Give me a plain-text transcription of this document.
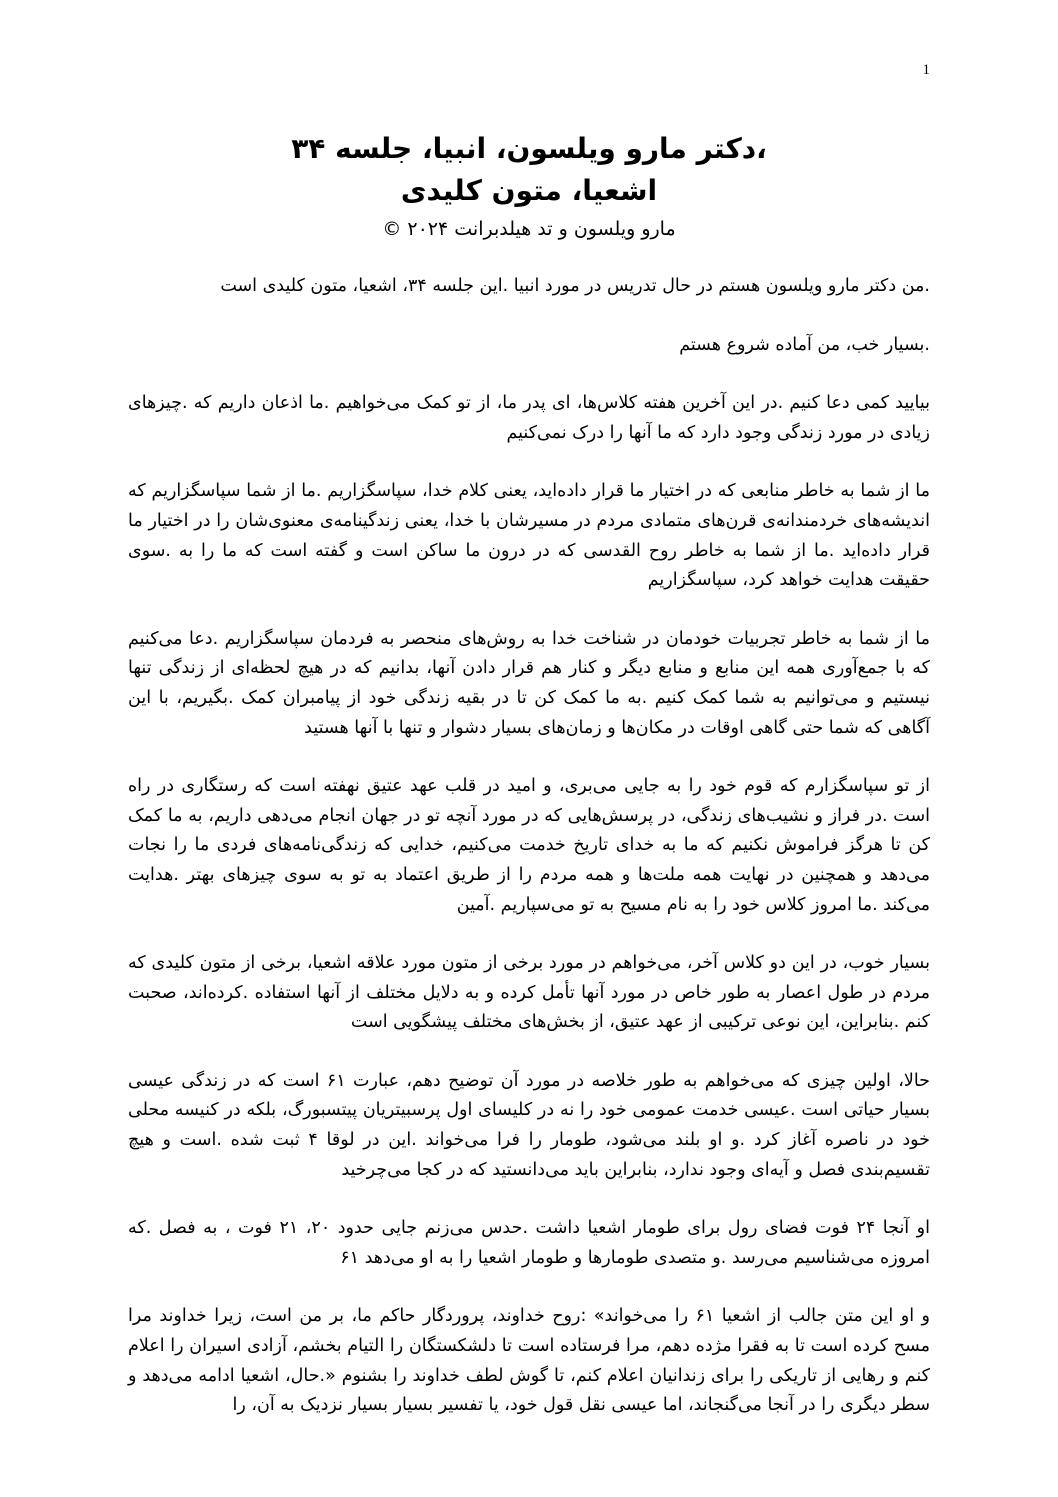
1
،دکتر مارو ویلسون، انبیا، جلسه ۳۴
اشعیا، متون کلیدی
مارو ویلسون و تد هیلدبرانت ۲۰۲۴ ©

.من دکتر مارو ویلسون هستم در حال تدریس در مورد انبیا .این جلسه ۳۴، اشعیا، متون کلیدی است

.بسیار خب، من آماده شروع هستم

بیایید کمی دعا کنیم .در این آخرین هفته کلاس‌ها، ای پدر ما، از تو کمک می‌خواهیم .ما اذعان داریم که .چیزهای زیادی در مورد زندگی وجود دارد که ما آنها را درک نمی‌کنیم

ما از شما به خاطر منابعی که در اختیار ما قرار داده‌اید، یعنی کلام خدا، سپاسگزاریم .ما از شما سپاسگزاریم که اندیشه‌های خردمندانه‌ی قرن‌های متمادی مردم در مسیرشان با خدا، یعنی زندگینامه‌ی معنوی‌شان را در اختیار ما قرار داده‌اید .ما از شما به خاطر روح القدسی که در درون ما ساکن است و گفته است که ما را به .سوی حقیقت هدایت خواهد کرد، سپاسگزاریم

ما از شما به خاطر تجربیات خودمان در شناخت خدا به روش‌های منحصر به فردمان سپاسگزاریم .دعا می‌کنیم که با جمع‌آوری همه این منابع و منابع دیگر و کنار هم قرار دادن آنها، بدانیم که در هیچ لحظه‌ای از زندگی تنها نیستیم و می‌توانیم به شما کمک کنیم .به ما کمک کن تا در بقیه زندگی خود از پیامبران کمک .بگیریم، با این آگاهی که شما حتی گاهی اوقات در مکان‌ها و زمان‌های بسیار دشوار و تنها با آنها هستید

از تو سپاسگزارم که قوم خود را به جایی می‌بری، و امید در قلب عهد عتیق نهفته است که رستگاری در راه است .در فراز و نشیب‌های زندگی، در پرسش‌هایی که در مورد آنچه تو در جهان انجام می‌دهی داریم، به ما کمک کن تا هرگز فراموش نکنیم که ما به خدای تاریخ خدمت می‌کنیم، خدایی که زندگی‌نامه‌های فردی ما را نجات می‌دهد و همچنین در نهایت همه ملت‌ها و همه مردم را از طریق اعتماد به تو به سوی چیزهای بهتر .هدایت می‌کند .ما امروز کلاس خود را به نام مسیح به تو می‌سپاریم .آمین

بسیار خوب، در این دو کلاس آخر، می‌خواهم در مورد برخی از متون مورد علاقه اشعیا، برخی از متون کلیدی که مردم در طول اعصار به طور خاص در مورد آنها تأمل کرده و به دلایل مختلف از آنها استفاده .کرده‌اند، صحبت کنم .بنابراین، این نوعی ترکیبی از عهد عتیق، از بخش‌های مختلف پیشگویی است

حالا، اولین چیزی که می‌خواهم به طور خلاصه در مورد آن توضیح دهم، عبارت ۶۱ است که در زندگی عیسی بسیار حیاتی است .عیسی خدمت عمومی خود را نه در کلیسای اول پرسبیتریان پیتسبورگ، بلکه در کنیسه محلی خود در ناصره آغاز کرد .و او بلند می‌شود، طومار را فرا می‌خواند .این در لوقا ۴ ثبت شده .است و هیچ تقسیم‌بندی فصل و آیه‌ای وجود ندارد، بنابراین باید می‌دانستید که در کجا می‌چرخید

او آنجا ۲۴ فوت فضای رول برای طومار اشعیا داشت .حدس می‌زنم جایی حدود ۲۰، ۲۱ فوت ، به فصل .که امروزه می‌شناسیم می‌رسد .و متصدی طومارها و طومار اشعیا را به او می‌دهد ۶۱

و او این متن جالب از اشعیا ۶۱ را می‌خواند» :روح خداوند، پروردگار حاکم ما، بر من است، زیرا خداوند مرا مسح کرده است تا به فقرا مژده دهم، مرا فرستاده است تا دلشکستگان را التیام بخشم، آزادی اسیران را اعلام کنم و رهایی از تاریکی را برای زندانیان اعلام کنم، تا گوش لطف خداوند را بشنوم «.حال، اشعیا ادامه می‌دهد و سطر دیگری را در آنجا می‌گنجاند، اما عیسی نقل قول خود، یا تفسیر بسیار بسیار نزدیک به آن، را
